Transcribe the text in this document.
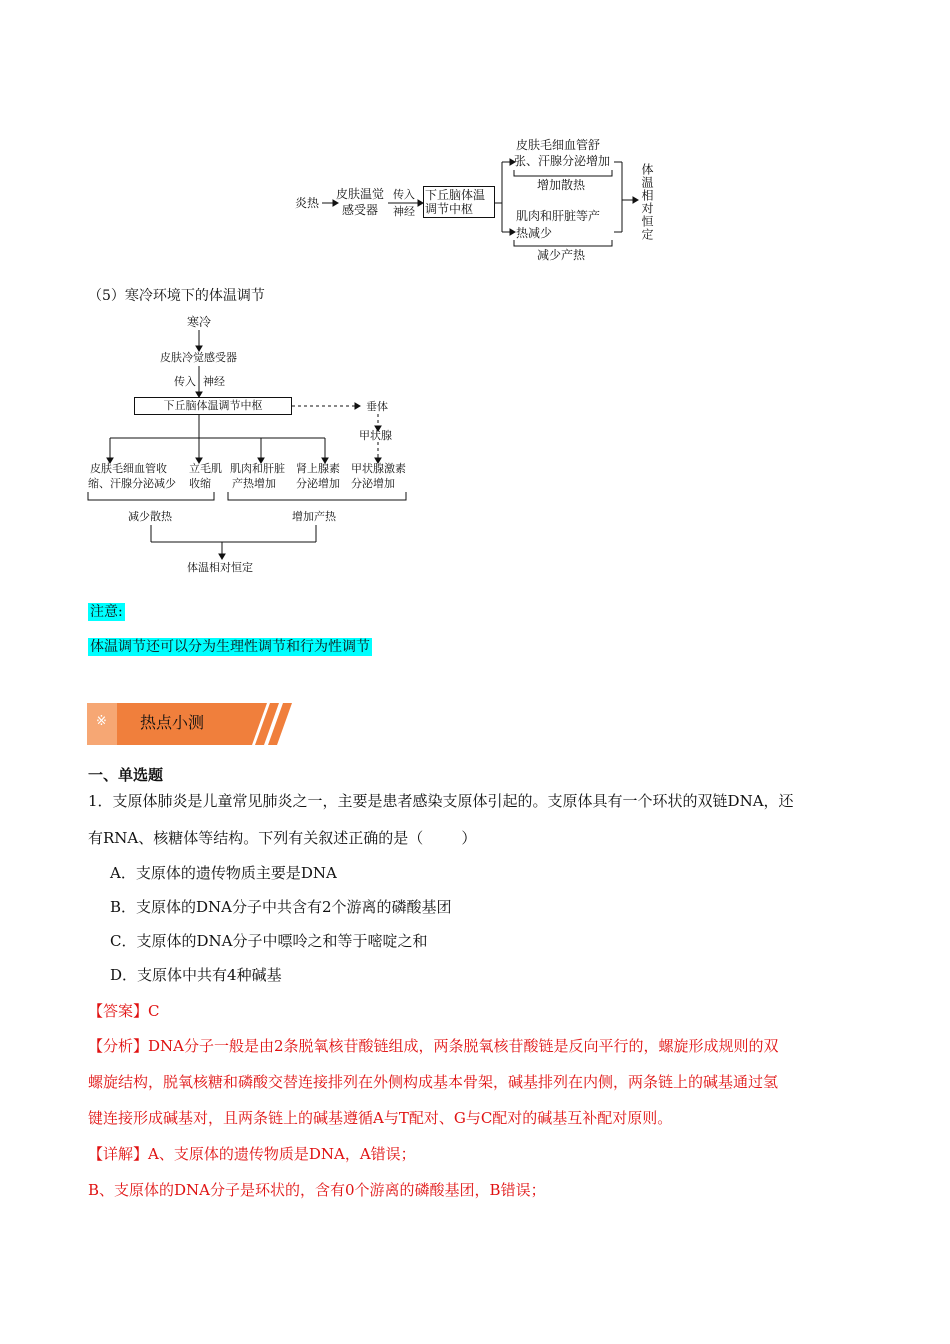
炎热
皮肤温觉
感受器
传入
神经
下丘脑体温
调节中枢
皮肤毛细血管舒
张、汗腺分泌增加
增加散热
肌肉和肝脏等产
热减少
减少产热
体温相对恒定
（5）寒冷环境下的体温调节
寒冷
皮肤冷觉感受器
传入  神经
下丘脑体温调节中枢	垂体
甲状腺
皮肤毛细血管收
缩、汗腺分泌减少
立毛肌
收缩
肌肉和肝脏
产热增加
肾上腺素
分泌增加
甲状腺激素
分泌增加
减少散热	增加产热
体温相对恒定
注意:
体温调节还可以分为生理性调节和行为性调节
※ 热点小测
一、单选题
1．支原体肺炎是儿童常见肺炎之一，主要是患者感染支原体引起的。支原体具有一个环状的双链DNA，还
有RNA、核糖体等结构。下列有关叙述正确的是（        ）
A．支原体的遗传物质主要是DNA
B．支原体的DNA分子中共含有2个游离的磷酸基团
C．支原体的DNA分子中嘌呤之和等于嘧啶之和
D．支原体中共有4种碱基
【答案】C
【分析】DNA分子一般是由2条脱氧核苷酸链组成，两条脱氧核苷酸链是反向平行的，螺旋形成规则的双
螺旋结构，脱氧核糖和磷酸交替连接排列在外侧构成基本骨架，碱基排列在内侧，两条链上的碱基通过氢
键连接形成碱基对，且两条链上的碱基遵循A与T配对、G与C配对的碱基互补配对原则。
【详解】A、支原体的遗传物质是DNA，A错误；
B、支原体的DNA分子是环状的，含有0个游离的磷酸基团，B错误；
